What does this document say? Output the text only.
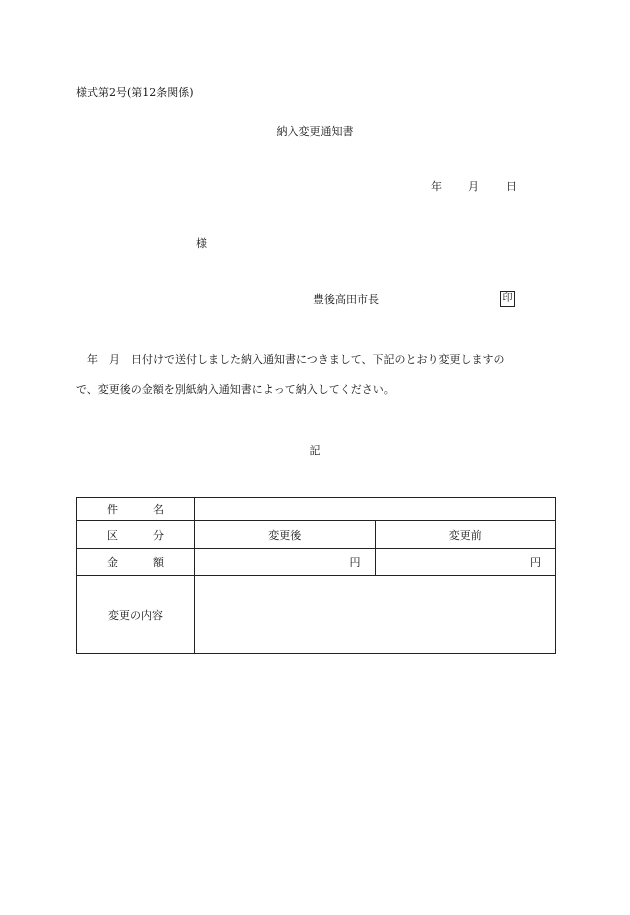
様式第2号(第12条関係)
納入変更通知書
年 月 日
様
豊後高田市長	印
　年　月　日付けで送付しました納入通知書につきまして、下記のとおり変更しますの
で、変更後の金額を別紙納入通知書によって納入してください。
記
件 名		

区 分	変更後	変更前

金 額	円	円
変更の内容		
